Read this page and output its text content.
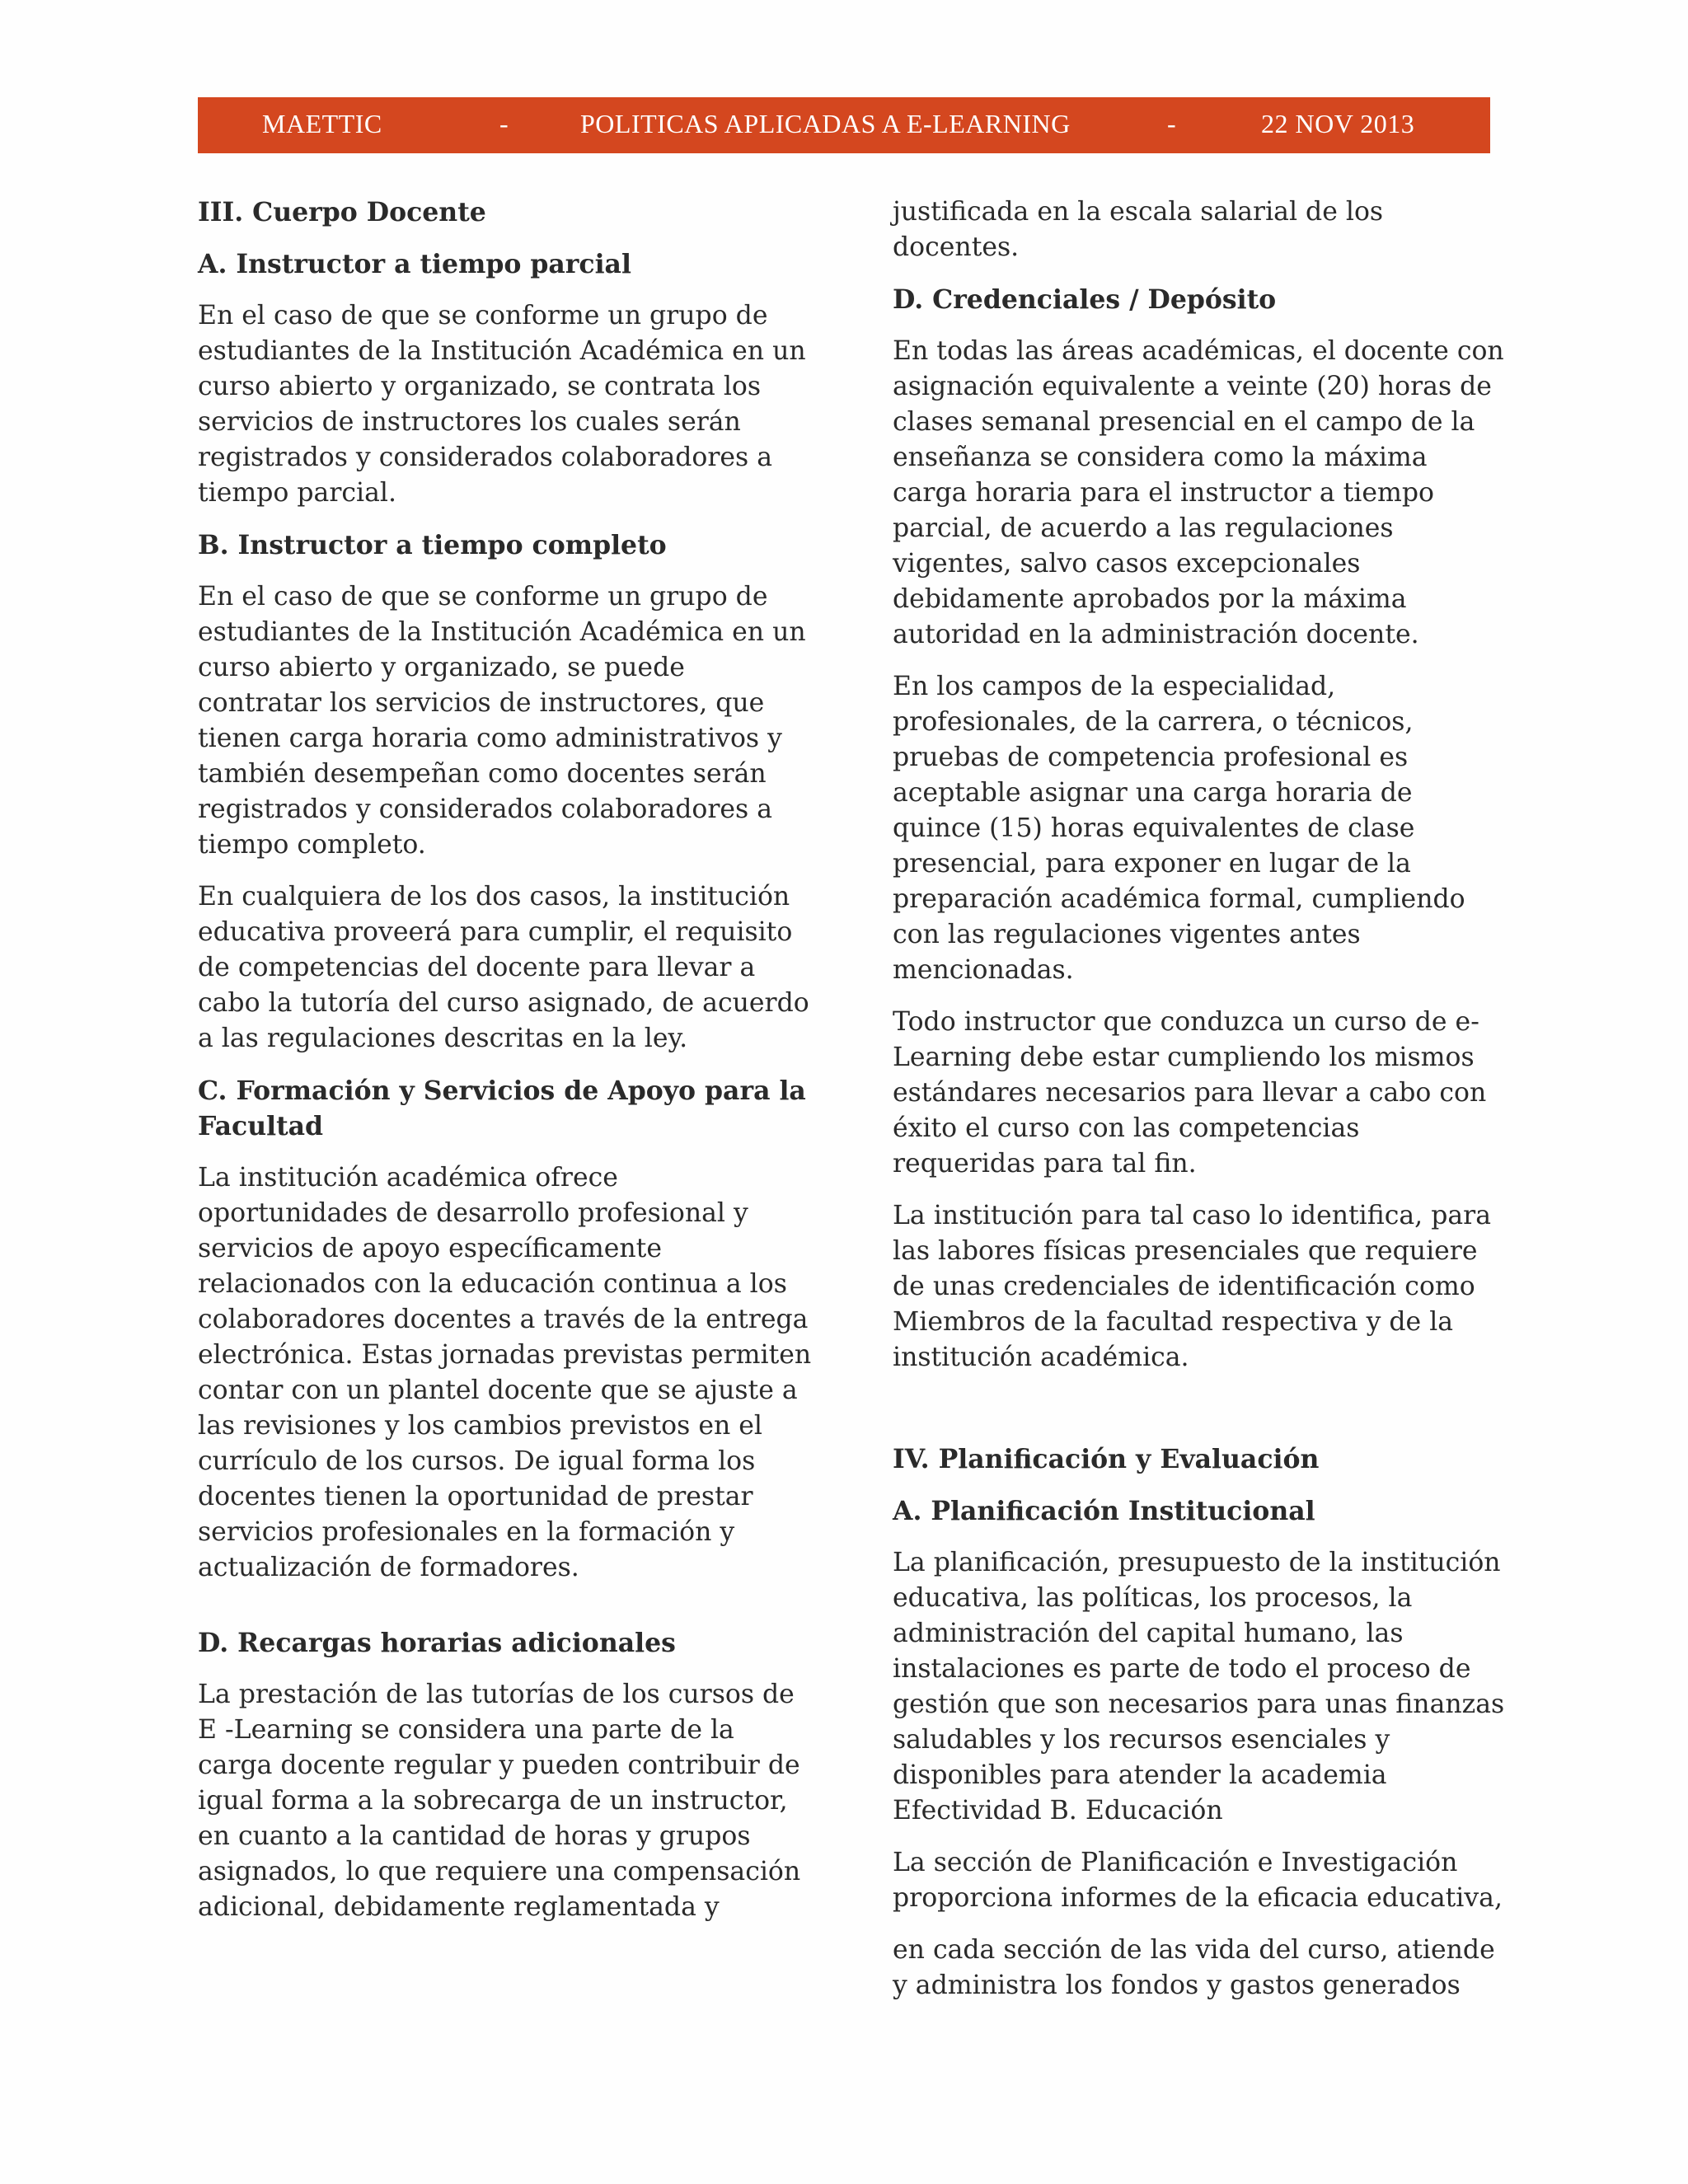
MAETTIC	-	POLITICAS APLICADAS A E-LEARNING	-	22 NOV 2013
III. Cuerpo Docente
A. Instructor a tiempo parcial

En el caso de que se conforme un grupo de estudiantes de la Institución Académica en un curso abierto y organizado, se contrata los servicios de instructores los cuales serán registrados y considerados colaboradores a tiempo parcial.

B. Instructor a tiempo completo

En el caso de que se conforme un grupo de estudiantes de la Institución Académica en un curso abierto y organizado, se puede contratar los servicios de instructores, que tienen carga horaria como administrativos y también desempeñan como docentes serán registrados y considerados colaboradores a tiempo completo.

En cualquiera de los dos casos, la institución educativa proveerá para cumplir, el requisito de competencias del docente para llevar a cabo la tutoría del curso asignado, de acuerdo a las regulaciones descritas en la ley.

C. Formación y Servicios de Apoyo para la Facultad

La institución académica ofrece oportunidades de desarrollo profesional y servicios de apoyo específicamente relacionados con la educación continua a los colaboradores docentes a través de la entrega electrónica. Estas jornadas previstas permiten contar con un plantel docente que se ajuste a las revisiones y los cambios previstos en el currículo de los cursos. De igual forma los docentes tienen la oportunidad de prestar servicios profesionales en la formación y actualización de formadores.

D. Recargas horarias adicionales

La prestación de las tutorías de los cursos de E -Learning se considera una parte de la carga docente regular y pueden contribuir de igual forma a la sobrecarga de un instructor, en cuanto a la cantidad de horas y grupos asignados, lo que requiere una compensación adicional, debidamente reglamentada y

justificada en la escala salarial de los docentes.

D. Credenciales / Depósito

En todas las áreas académicas, el docente con asignación equivalente a veinte (20) horas de clases semanal presencial en el campo de la enseñanza se considera como la máxima carga horaria para el instructor a tiempo parcial, de acuerdo a las regulaciones vigentes, salvo casos excepcionales debidamente aprobados por la máxima autoridad en la administración docente.

En los campos de la especialidad, profesionales, de la carrera, o técnicos, pruebas de competencia profesional es aceptable asignar una carga horaria de quince (15) horas equivalentes de clase presencial, para exponer en lugar de la preparación académica formal, cumpliendo con las regulaciones vigentes antes mencionadas.

Todo instructor que conduzca un curso de e-Learning debe estar cumpliendo los mismos estándares necesarios para llevar a cabo con éxito el curso con las competencias requeridas para tal fin.

La institución para tal caso lo identifica, para las labores físicas presenciales que requiere de unas credenciales de identificación como Miembros de la facultad respectiva y de la institución académica.

IV. Planificación y Evaluación
A. Planificación Institucional

La planificación, presupuesto de la institución educativa, las políticas, los procesos, la administración del capital humano, las instalaciones es parte de todo el proceso de gestión que son necesarios para unas finanzas saludables y los recursos esenciales y disponibles para atender la academia Efectividad B. Educación

La sección de Planificación e Investigación proporciona informes de la eficacia educativa,

en cada sección de las vida del curso, atiende y administra los fondos y gastos generados
